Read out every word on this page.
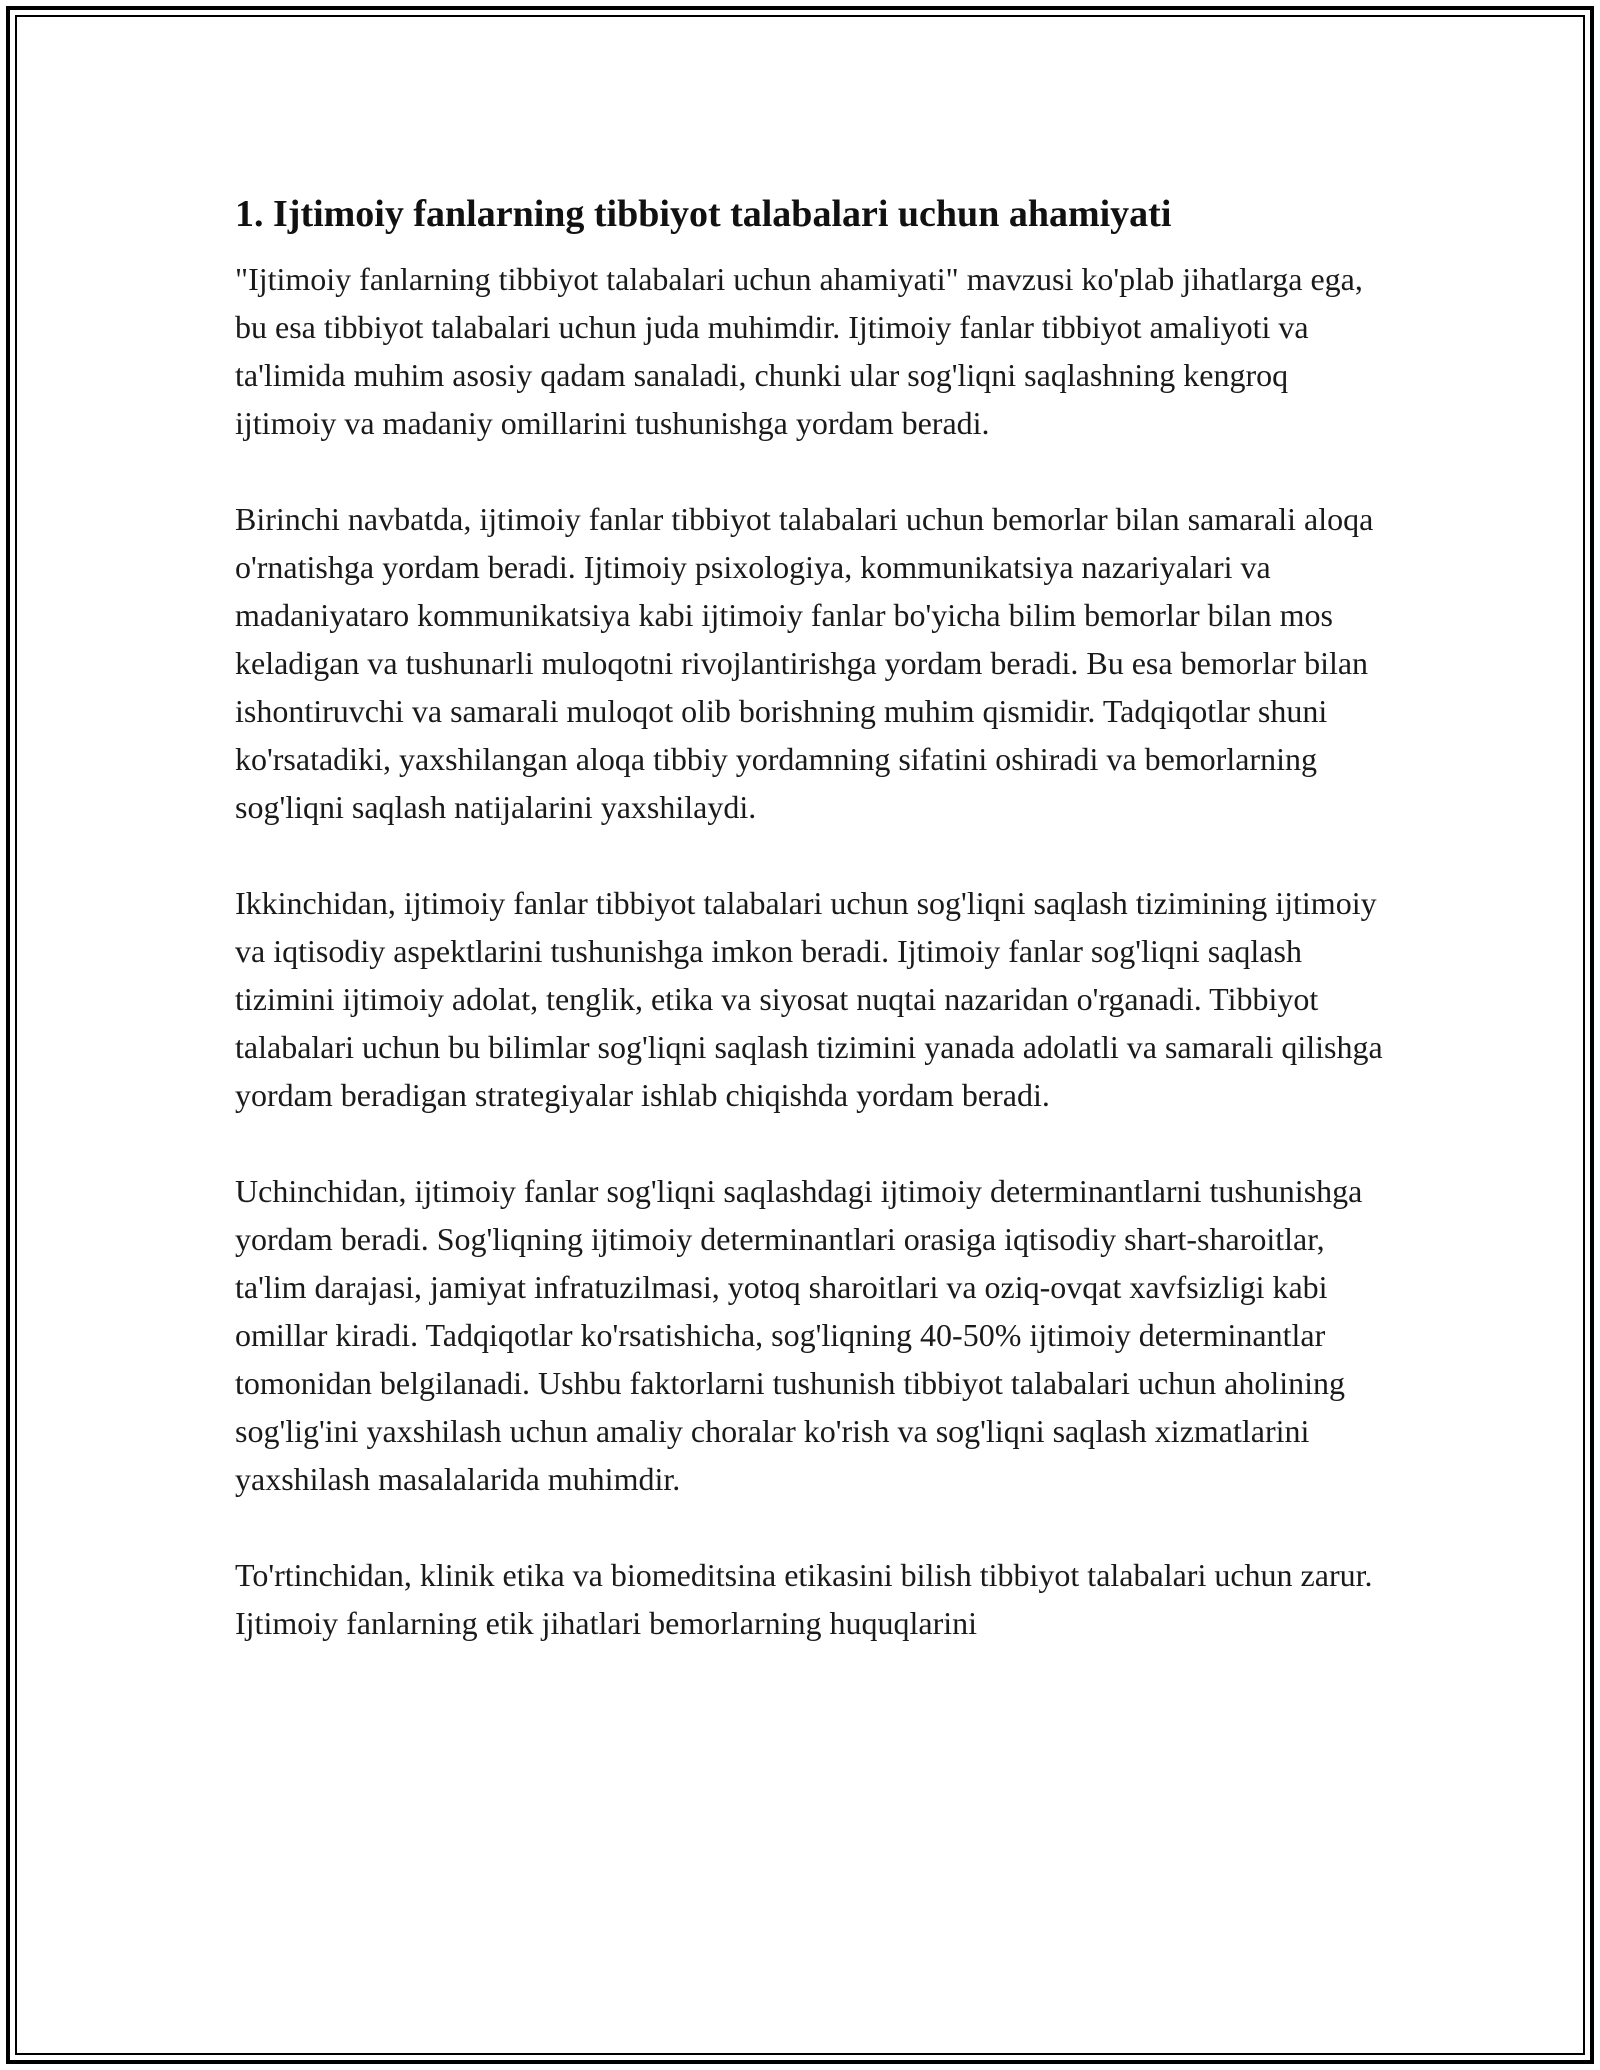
1. Ijtimoiy fanlarning tibbiyot talabalari uchun ahamiyati

"Ijtimoiy fanlarning tibbiyot talabalari uchun ahamiyati" mavzusi ko'plab jihatlarga ega, bu esa tibbiyot talabalari uchun juda muhimdir. Ijtimoiy fanlar tibbiyot amaliyoti va ta'limida muhim asosiy qadam sanaladi, chunki ular sog'liqni saqlashning kengroq ijtimoiy va madaniy omillarini tushunishga yordam beradi.

Birinchi navbatda, ijtimoiy fanlar tibbiyot talabalari uchun bemorlar bilan samarali aloqa o'rnatishga yordam beradi. Ijtimoiy psixologiya, kommunikatsiya nazariyalari va madaniyataro kommunikatsiya kabi ijtimoiy fanlar bo'yicha bilim bemorlar bilan mos keladigan va tushunarli muloqotni rivojlantirishga yordam beradi. Bu esa bemorlar bilan ishontiruvchi va samarali muloqot olib borishning muhim qismidir. Tadqiqotlar shuni ko'rsatadiki, yaxshilangan aloqa tibbiy yordamning sifatini oshiradi va bemorlarning sog'liqni saqlash natijalarini yaxshilaydi.

Ikkinchidan, ijtimoiy fanlar tibbiyot talabalari uchun sog'liqni saqlash tizimining ijtimoiy va iqtisodiy aspektlarini tushunishga imkon beradi. Ijtimoiy fanlar sog'liqni saqlash tizimini ijtimoiy adolat, tenglik, etika va siyosat nuqtai nazaridan o'rganadi. Tibbiyot talabalari uchun bu bilimlar sog'liqni saqlash tizimini yanada adolatli va samarali qilishga yordam beradigan strategiyalar ishlab chiqishda yordam beradi.

Uchinchidan, ijtimoiy fanlar sog'liqni saqlashdagi ijtimoiy determinantlarni tushunishga yordam beradi. Sog'liqning ijtimoiy determinantlari orasiga iqtisodiy shart-sharoitlar, ta'lim darajasi, jamiyat infratuzilmasi, yotoq sharoitlari va oziq-ovqat xavfsizligi kabi omillar kiradi. Tadqiqotlar ko'rsatishicha, sog'liqning 40-50% ijtimoiy determinantlar tomonidan belgilanadi. Ushbu faktorlarni tushunish tibbiyot talabalari uchun aholining sog'lig'ini yaxshilash uchun amaliy choralar ko'rish va sog'liqni saqlash xizmatlarini yaxshilash masalalarida muhimdir.

To'rtinchidan, klinik etika va biomeditsina etikasini bilish tibbiyot talabalari uchun zarur. Ijtimoiy fanlarning etik jihatlari bemorlarning huquqlarini
